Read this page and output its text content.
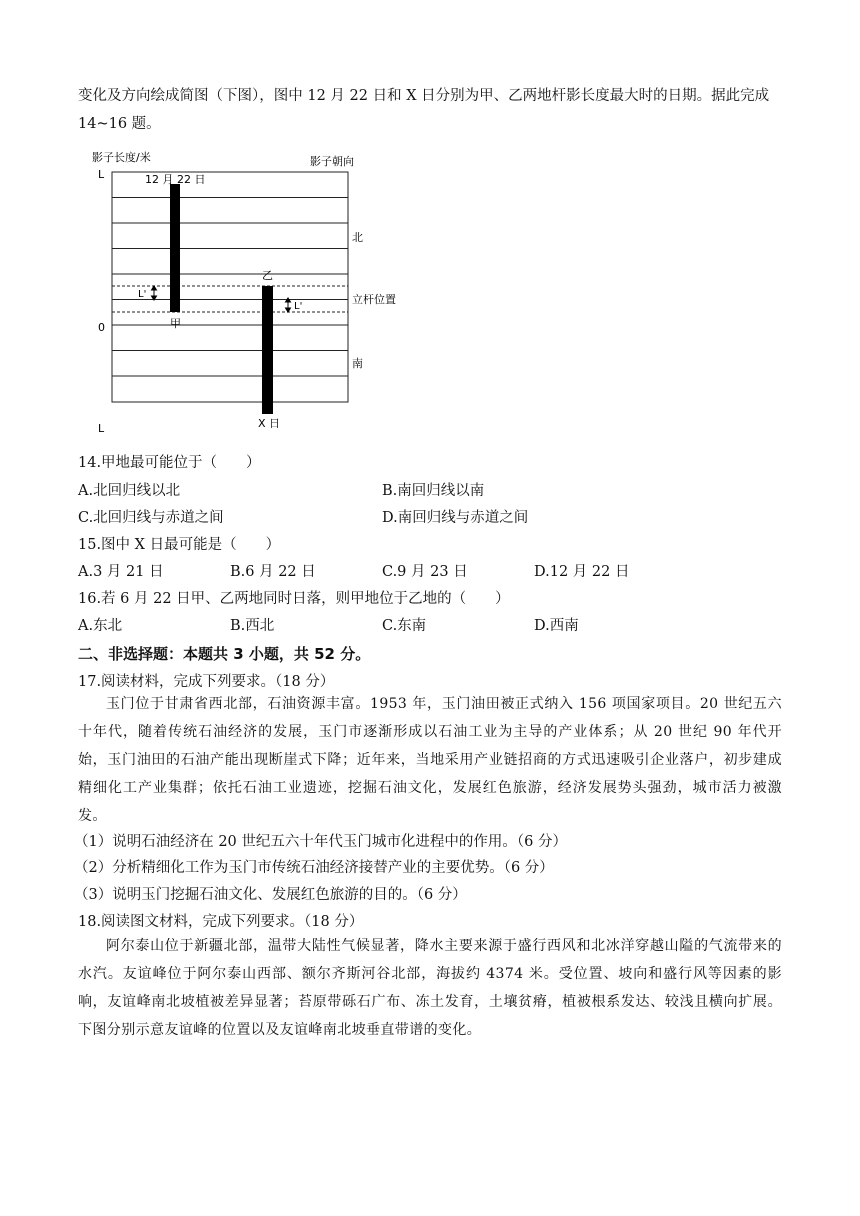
变化及方向绘成简图（下图），图中 12 月 22 日和 X 日分别为甲、乙两地杆影长度最大时的日期。据此完成
14~16 题。
影子长度/米	影子朝向
L
0
L
12 月 22 日
甲
乙
X 日
L'
L'
北
立杆位置
南
14.甲地最可能位于（　　）
A.北回归线以北	B.南回归线以南
C.北回归线与赤道之间	D.南回归线与赤道之间
15.图中 X 日最可能是（　　）
A.3 月 21 日	B.6 月 22 日	C.9 月 23 日	D.12 月 22 日
16.若 6 月 22 日甲、乙两地同时日落，则甲地位于乙地的（　　）
A.东北	B.西北	C.东南	D.西南
二、非选择题：本题共 3 小题，共 52 分。
17.阅读材料，完成下列要求。（18 分）
玉门位于甘肃省西北部，石油资源丰富。1953 年，玉门油田被正式纳入 156 项国家项目。20 世纪五六十年代，随着传统石油经济的发展，玉门市逐渐形成以石油工业为主导的产业体系；从 20 世纪 90 年代开始，玉门油田的石油产能出现断崖式下降；近年来，当地采用产业链招商的方式迅速吸引企业落户，初步建成精细化工产业集群；依托石油工业遗迹，挖掘石油文化，发展红色旅游，经济发展势头强劲，城市活力被激发。
（1）说明石油经济在 20 世纪五六十年代玉门城市化进程中的作用。（6 分）
（2）分析精细化工作为玉门市传统石油经济接替产业的主要优势。（6 分）
（3）说明玉门挖掘石油文化、发展红色旅游的目的。（6 分）
18.阅读图文材料，完成下列要求。（18 分）
阿尔泰山位于新疆北部，温带大陆性气候显著，降水主要来源于盛行西风和北冰洋穿越山隘的气流带来的水汽。友谊峰位于阿尔泰山西部、额尔齐斯河谷北部，海拔约 4374 米。受位置、坡向和盛行风等因素的影响，友谊峰南北坡植被差异显著；苔原带砾石广布、冻土发育，土壤贫瘠，植被根系发达、较浅且横向扩展。下图分别示意友谊峰的位置以及友谊峰南北坡垂直带谱的变化。
